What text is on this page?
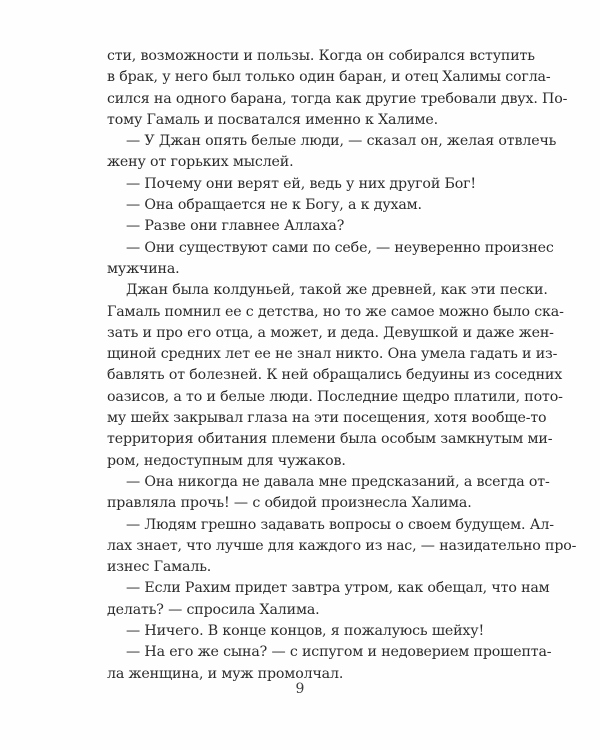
сти, возможности и пользы. Когда он собирался вступить
в брак, у него был только один баран, и отец Халимы согла-
сился на одного барана, тогда как другие требовали двух. По-
тому Гамаль и посватался именно к Халиме.
— У Джан опять белые люди, — сказал он, желая отвлечь
жену от горьких мыслей.
— Почему они верят ей, ведь у них другой Бог!
— Она обращается не к Богу, а к духам.
— Разве они главнее Аллаха?
— Они существуют сами по себе, — неуверенно произнес
мужчина.
Джан была колдуньей, такой же древней, как эти пески.
Гамаль помнил ее с детства, но то же самое можно было ска-
зать и про его отца, а может, и деда. Девушкой и даже жен-
щиной средних лет ее не знал никто. Она умела гадать и из-
бавлять от болезней. К ней обращались бедуины из соседних
оазисов, а то и белые люди. Последние щедро платили, пото-
му шейх закрывал глаза на эти посещения, хотя вообще-то
территория обитания племени была особым замкнутым ми-
ром, недоступным для чужаков.
— Она никогда не давала мне предсказаний, а всегда от-
правляла прочь! — с обидой произнесла Халима.
— Людям грешно задавать вопросы о своем будущем. Ал-
лах знает, что лучше для каждого из нас, — назидательно про-
изнес Гамаль.
— Если Рахим придет завтра утром, как обещал, что нам
делать? — спросила Халима.
— Ничего. В конце концов, я пожалуюсь шейху!
— На его же сына? — с испугом и недоверием прошепта-
ла женщина, и муж промолчал.
9
